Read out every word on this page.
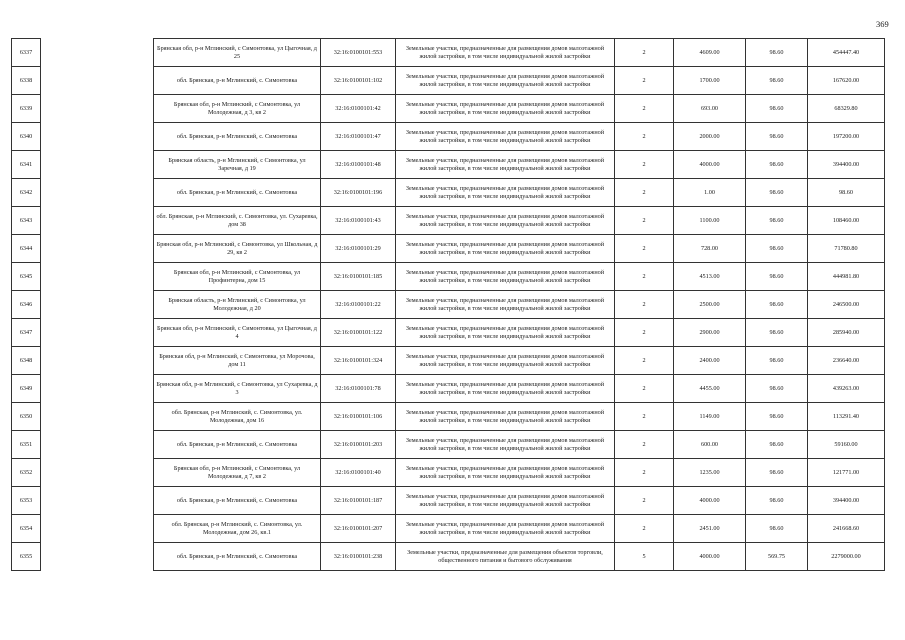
369
6337		Брянская обл, р-н Мглинский, с Симонтовка, ул Цыгочная, д 25	32:16:0100101:553	Земельные участки, предназначенные для размещения домов малоэтажной жилой застройки, в том числе индивидуальной жилой застройки	2	4609.00	98.60	454447.40
6338		обл. Брянская, р-н Мглинский, с. Симонтовка	32:16:0100101:102	Земельные участки, предназначенные для размещения домов малоэтажной жилой застройки, в том числе индивидуальной жилой застройки	2	1700.00	98.60	167620.00
6339		Брянская обл, р-н Мглинский, с Симонтовка, ул Молодежная, д 3, кв 2	32:16:0100101:42	Земельные участки, предназначенные для размещения домов малоэтажной жилой застройки, в том числе индивидуальной жилой застройки	2	693.00	98.60	68329.80
6340		обл. Брянская, р-н Мглинский, с. Симонтовка	32:16:0100101:47	Земельные участки, предназначенные для размещения домов малоэтажной жилой застройки, в том числе индивидуальной жилой застройки	2	2000.00	98.60	197200.00
6341		Брянская область, р-н Мглинский, с Симонтовка, ул Заречная, д 19	32:16:0100101:48	Земельные участки, предназначенные для размещения домов малоэтажной жилой застройки, в том числе индивидуальной жилой застройки	2	4000.00	98.60	394400.00
6342		обл. Брянская, р-н Мглинский, с. Симонтовка	32:16:0100101:196	Земельные участки, предназначенные для размещения домов малоэтажной жилой застройки, в том числе индивидуальной жилой застройки	2	1.00	98.60	98.60
6343		обл. Брянская, р-н Мглинский, с. Симонтовка, ул. Сухаревка, дом 38	32:16:0100101:43	Земельные участки, предназначенные для размещения домов малоэтажной жилой застройки, в том числе индивидуальной жилой застройки	2	1100.00	98.60	108460.00
6344		Брянская обл, р-н Мглинский, с Симонтовка, ул Школьная, д 29, кв 2	32:16:0100101:29	Земельные участки, предназначенные для размещения домов малоэтажной жилой застройки, в том числе индивидуальной жилой застройки	2	728.00	98.60	71780.80
6345		Брянская обл, р-н Мглинский, с Симонтовка, ул Профинтерна, дом 15	32:16:0100101:185	Земельные участки, предназначенные для размещения домов малоэтажной жилой застройки, в том числе индивидуальной жилой застройки	2	4513.00	98.60	444981.80
6346		Брянская область, р-н Мглинский, с Симонтовка, ул Молодежная, д 20	32:16:0100101:22	Земельные участки, предназначенные для размещения домов малоэтажной жилой застройки, в том числе индивидуальной жилой застройки	2	2500.00	98.60	246500.00
6347		Брянская обл, р-н Мглинский, с Симонтовка, ул Цыгочная, д 4	32:16:0100101:122	Земельные участки, предназначенные для размещения домов малоэтажной жилой застройки, в том числе индивидуальной жилой застройки	2	2900.00	98.60	285940.00
6348		Брянская обл, р-н Мглинский, с Симонтовка, ул Морочова, дом 11	32:16:0100101:324	Земельные участки, предназначенные для размещения домов малоэтажной жилой застройки, в том числе индивидуальной жилой застройки	2	2400.00	98.60	236640.00
6349		Брянская обл, р-н Мглинский, с Симонтовка, ул Сухаревка, д 3	32:16:0100101:78	Земельные участки, предназначенные для размещения домов малоэтажной жилой застройки, в том числе индивидуальной жилой застройки	2	4455.00	98.60	439263.00
6350		обл. Брянская, р-н Мглинский, с. Симонтовка, ул. Молодежная, дом 16	32:16:0100101:106	Земельные участки, предназначенные для размещения домов малоэтажной жилой застройки, в том числе индивидуальной жилой застройки	2	1149.00	98.60	113291.40
6351		обл. Брянская, р-н Мглинский, с. Симонтовка	32:16:0100101:203	Земельные участки, предназначенные для размещения домов малоэтажной жилой застройки, в том числе индивидуальной жилой застройки	2	600.00	98.60	59160.00
6352		Брянская обл, р-н Мглинский, с Симонтовка, ул Молодежная, д 7, кв 2	32:16:0100101:40	Земельные участки, предназначенные для размещения домов малоэтажной жилой застройки, в том числе индивидуальной жилой застройки	2	1235.00	98.60	121771.00
6353		обл. Брянская, р-н Мглинский, с. Симонтовка	32:16:0100101:187	Земельные участки, предназначенные для размещения домов малоэтажной жилой застройки, в том числе индивидуальной жилой застройки	2	4000.00	98.60	394400.00
6354		обл. Брянская, р-н Мглинский, с. Симонтовка, ул. Молодежная, дом 26, кв.1	32:16:0100101:207	Земельные участки, предназначенные для размещения домов малоэтажной жилой застройки, в том числе индивидуальной жилой застройки	2	2451.00	98.60	241668.60
6355		обл. Брянская, р-н Мглинский, с. Симонтовка	32:16:0100101:238	Земельные участки, предназначенные для размещения объектов торговли, общественного питания и бытового обслуживания	5	4000.00	569.75	2279000.00
